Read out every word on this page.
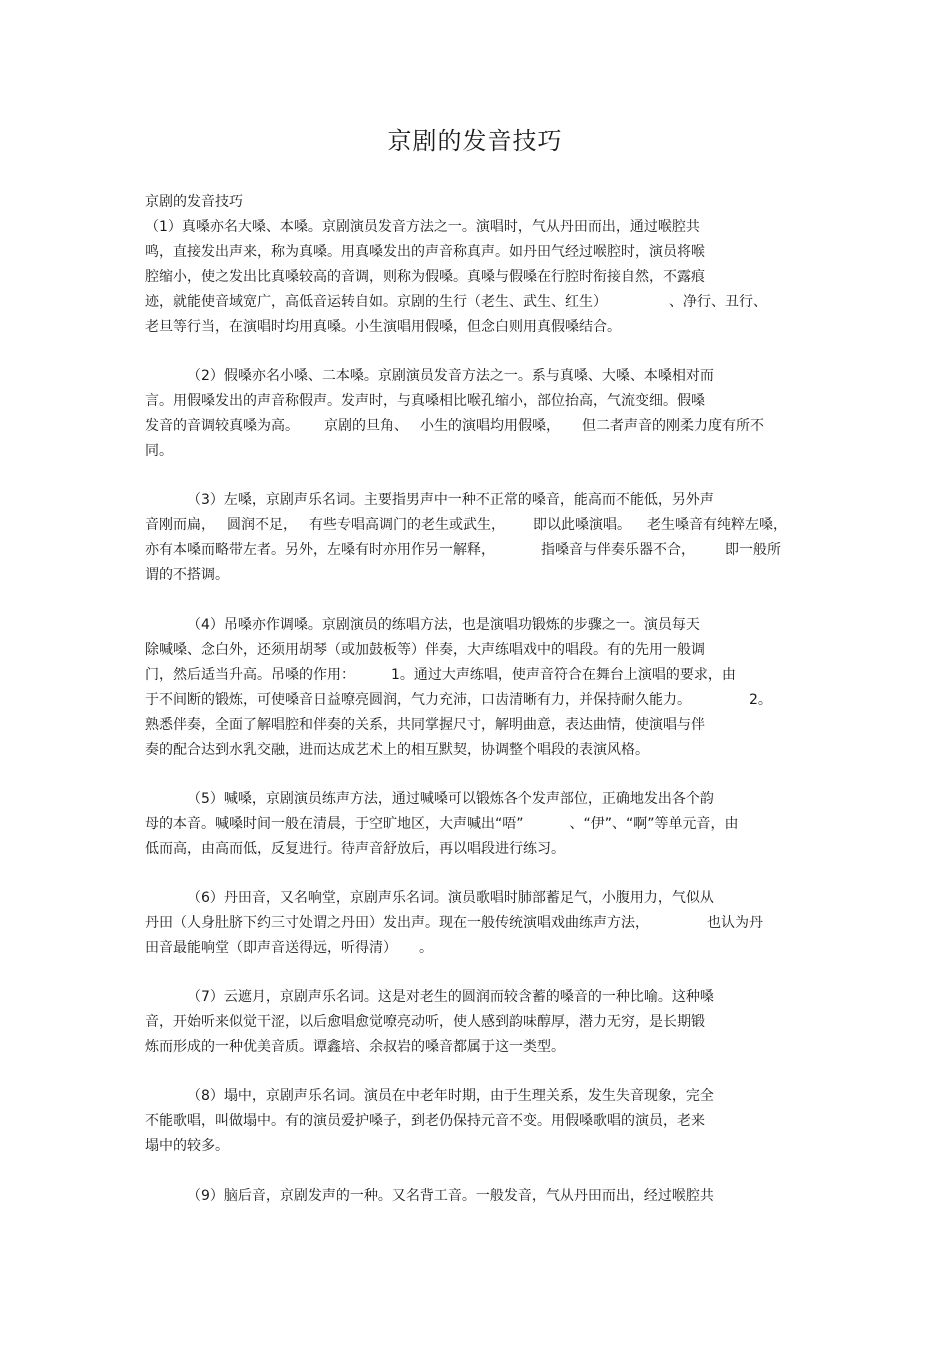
京剧的发音技巧
京剧的发音技巧
（1）真嗓亦名大嗓、本嗓。京剧演员发音方法之一。演唱时，气从丹田而出，通过喉腔共
鸣，直接发出声来，称为真嗓。用真嗓发出的声音称真声。如丹田气经过喉腔时，演员将喉
腔缩小，使之发出比真嗓较高的音调，则称为假嗓。真嗓与假嗓在行腔时衔接自然，不露痕
迹，就能使音域宽广，高低音运转自如。京剧的生行（老生、武生、红生）	、净行、丑行、
老旦等行当，在演唱时均用真嗓。小生演唱用假嗓，但念白则用真假嗓结合。
（2）假嗓亦名小嗓、二本嗓。京剧演员发音方法之一。系与真嗓、大嗓、本嗓相对而
言。用假嗓发出的声音称假声。发声时，与真嗓相比喉孔缩小，部位抬高，气流变细。假嗓
发音的音调较真嗓为高。 京剧的旦角、 小生的演唱均用假嗓， 但二者声音的刚柔力度有所不
同。
（3）左嗓，京剧声乐名词。主要指男声中一种不正常的嗓音，能高而不能低，另外声
音刚而扁， 圆润不足， 有些专唱高调门的老生或武生， 即以此嗓演唱。 老生嗓音有纯粹左嗓，
亦有本嗓而略带左者。另外，左嗓有时亦用作另一解释，	指嗓音与伴奏乐器不合， 即一般所
谓的不搭调。
（4）吊嗓亦作调嗓。京剧演员的练唱方法，也是演唱功锻炼的步骤之一。演员每天
除喊嗓、念白外，还须用胡琴（或加鼓板等）伴奏，大声练唱戏中的唱段。有的先用一般调
门，然后适当升高。吊嗓的作用：	1。通过大声练唱，使声音符合在舞台上演唱的要求，由
于不间断的锻炼，可使嗓音日益嘹亮圆润，气力充沛，口齿清晰有力，并保持耐久能力。	2。
熟悉伴奏，全面了解唱腔和伴奏的关系，共同掌握尺寸，解明曲意，表达曲情，使演唱与伴
奏的配合达到水乳交融，进而达成艺术上的相互默契，协调整个唱段的表演风格。
（5）喊嗓，京剧演员练声方法，通过喊嗓可以锻炼各个发声部位，正确地发出各个韵
母的本音。喊嗓时间一般在清晨，于空旷地区，大声喊出“唔”	、“伊”、“啊”等单元音，由
低而高，由高而低，反复进行。待声音舒放后，再以唱段进行练习。
（6）丹田音，又名响堂，京剧声乐名词。演员歌唱时肺部蓄足气，小腹用力，气似从
丹田（人身肚脐下约三寸处谓之丹田）发出声。现在一般传统演唱戏曲练声方法，	也认为丹
田音最能响堂（即声音送得远，听得清） 。
（7）云遮月，京剧声乐名词。这是对老生的圆润而较含蓄的嗓音的一种比喻。这种嗓
音，开始听来似觉干涩，以后愈唱愈觉嘹亮动听，使人感到韵味醇厚，潜力无穷，是长期锻
炼而形成的一种优美音质。谭鑫培、余叔岩的嗓音都属于这一类型。
（8）塌中，京剧声乐名词。演员在中老年时期，由于生理关系，发生失音现象，完全
不能歌唱，叫做塌中。有的演员爱护嗓子，到老仍保持元音不变。用假嗓歌唱的演员，老来
塌中的较多。
（9）脑后音，京剧发声的一种。又名背工音。一般发音，气从丹田而出，经过喉腔共
